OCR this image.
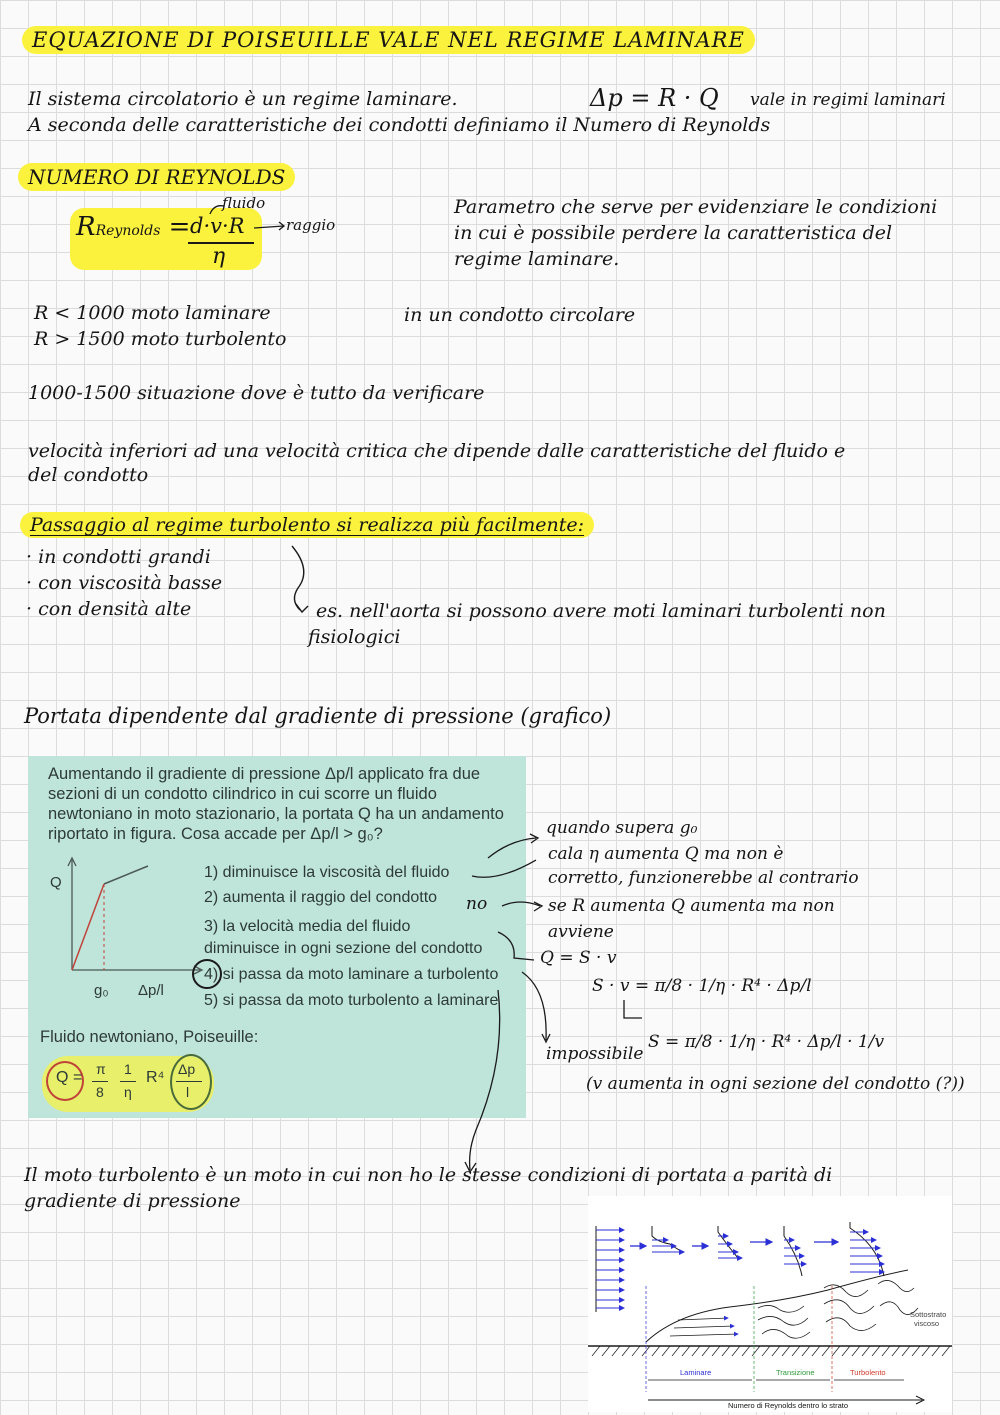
EQUAZIONE DI POISEUILLE VALE NEL REGIME LAMINARE
Il sistema circolatorio è un regime laminare.	Δp = R · Q vale in regimi laminari
A seconda delle caratteristiche dei condotti definiamo il Numero di Reynolds
NUMERO DI REYNOLDS
RReynolds = d·v·R
η
fluido
raggio
Parametro che serve per evidenziare le condizioni
in cui è possibile perdere la caratteristica del
regime laminare.
R < 1000 moto laminare
R > 1500 moto turbolento
in un condotto circolare
1000-1500 situazione dove è tutto da verificare
velocità inferiori ad una velocità critica che dipende dalle caratteristiche del fluido e
del condotto
Passaggio al regime turbolento si realizza più facilmente:
· in condotti grandi
· con viscosità basse
· con densità alte	es. nell'aorta si possono avere moti laminari turbolenti non
fisiologici
Portata dipendente dal gradiente di pressione (grafico)
Aumentando il gradiente di pressione Δp/l applicato fra due sezioni di un condotto cilindrico in cui scorre un fluido newtoniano in moto stazionario, la portata Q ha un andamento riportato in figura. Cosa accade per Δp/l > g₀?
Q
g₀ Δp/l
1) diminuisce la viscosità del fluido
2) aumenta il raggio del condotto
3) la velocità media del fluido
diminuisce in ogni sezione del condotto
4) si passa da moto laminare a turbolento
5) si passa da moto turbolento a laminare
Fluido newtoniano, Poiseuille:
Q = π
8
1
η
R⁴ Δp
l
no
quando supera g₀
cala η aumenta Q ma non è
corretto, funzionerebbe al contrario
se R aumenta Q aumenta ma non
avviene
Q = S · v
S · v = π/8 · 1/η · R⁴ · Δp/l
S = π/8 · 1/η · R⁴ · Δp/l · 1/v
impossibile
(v aumenta in ogni sezione del condotto (?))
Il moto turbolento è un moto in cui non ho le stesse condizioni di portata a parità di
gradiente di pressione
Laminare	Transizione	Turbolento
Sottostrato
viscoso
Numero di Reynolds dentro lo strato
